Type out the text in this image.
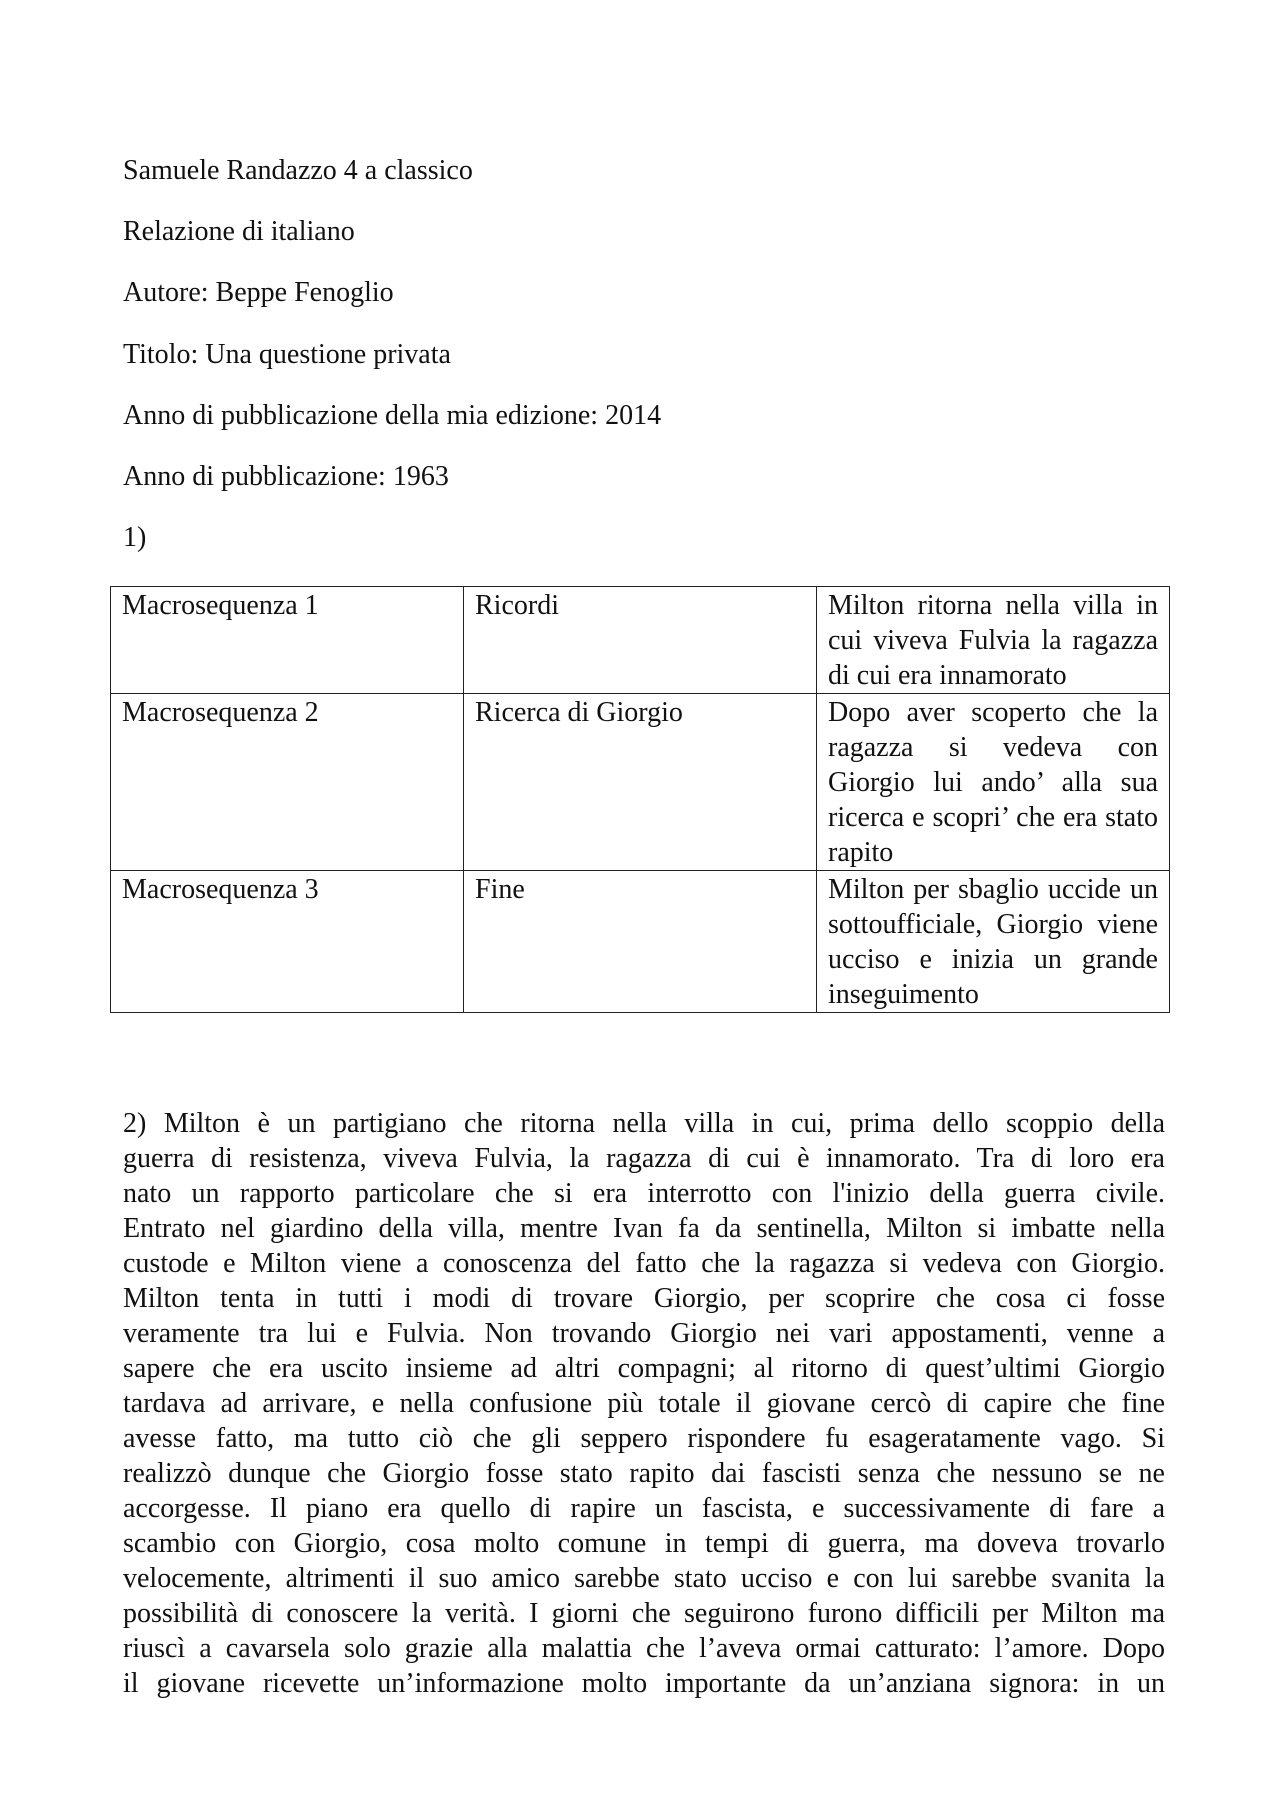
Samuele Randazzo 4 a classico
Relazione di italiano
Autore: Beppe Fenoglio
Titolo: Una questione privata
Anno di pubblicazione della mia edizione: 2014
Anno di pubblicazione: 1963
1)
Macrosequenza 1	Ricordi	Milton ritorna nella villa in cui viveva Fulvia la ragazza di cui era innamorato
Macrosequenza 2	Ricerca di Giorgio	Dopo aver scoperto che la ragazza si vedeva con Giorgio lui ando’ alla sua ricerca e scopri’ che era stato rapito
Macrosequenza 3	Fine	Milton per sbaglio uccide un sottoufficiale, Giorgio viene ucciso e inizia un grande inseguimento
2) Milton è un partigiano che ritorna nella villa in cui, prima dello scoppio della
guerra di resistenza, viveva Fulvia, la ragazza di cui è innamorato. Tra di loro era
nato un rapporto particolare che si era interrotto con l'inizio della guerra civile.
Entrato nel giardino della villa, mentre Ivan fa da sentinella, Milton si imbatte nella
custode e Milton viene a conoscenza del fatto che la ragazza si vedeva con Giorgio.
Milton tenta in tutti i modi di trovare Giorgio, per scoprire che cosa ci fosse
veramente tra lui e Fulvia. Non trovando Giorgio nei vari appostamenti, venne a
sapere che era uscito insieme ad altri compagni; al ritorno di quest’ultimi Giorgio
tardava ad arrivare, e nella confusione più totale il giovane cercò di capire che fine
avesse fatto, ma tutto ciò che gli seppero rispondere fu esageratamente vago. Si
realizzò dunque che Giorgio fosse stato rapito dai fascisti senza che nessuno se ne
accorgesse. Il piano era quello di rapire un fascista, e successivamente di fare a
scambio con Giorgio, cosa molto comune in tempi di guerra, ma doveva trovarlo
velocemente, altrimenti il suo amico sarebbe stato ucciso e con lui sarebbe svanita la
possibilità di conoscere la verità. I giorni che seguirono furono difficili per Milton ma
riuscì a cavarsela solo grazie alla malattia che l’aveva ormai catturato: l’amore. Dopo
il giovane ricevette un’informazione molto importante da un’anziana signora: in un
